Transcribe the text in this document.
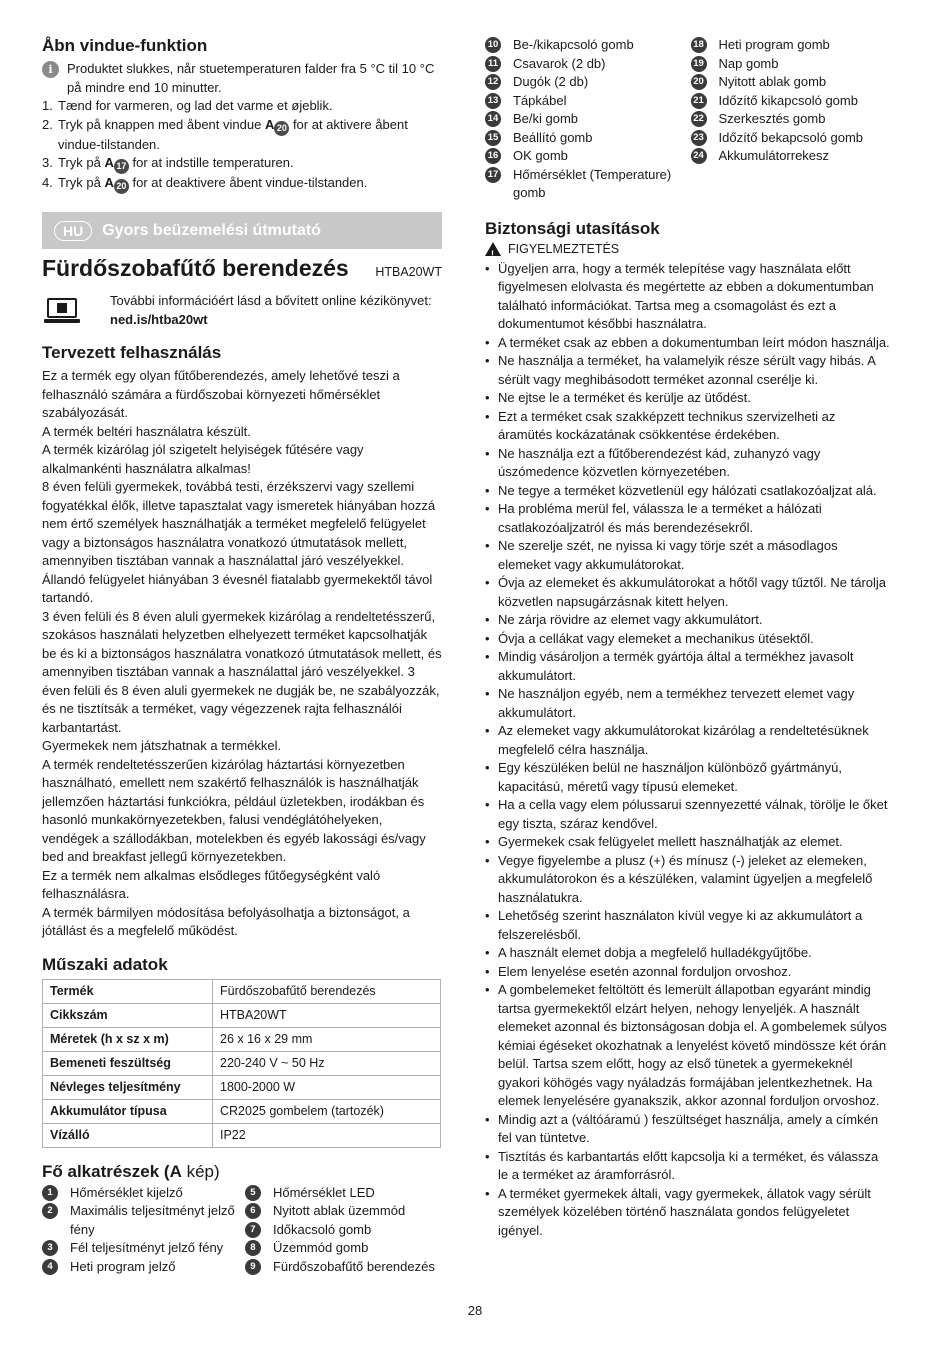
Åbn vindue-funktion
i	Produktet slukkes, når stuetemperaturen falder fra 5 °C til 10 °C på mindre end 10 minutter.

1. Tænd for varmeren, og lad det varme et øjeblik.
2. Tryk på knappen med åbent vindue A 20 for at aktivere åbent vindue-tilstanden.
3. Tryk på A 17 for at indstille temperaturen.
4. Tryk på A 20 for at deaktivere åbent vindue-tilstanden.
HU	Gyors beüzemelési útmutató
Fürdőszobafűtő berendezés HTBA20WT
További információért lásd a bővített online kézikönyvet:
ned.is/htba20wt
Tervezett felhasználás

Ez a termék egy olyan fűtőberendezés, amely lehetővé teszi a felhasználó számára a fürdőszobai környezeti hőmérséklet szabályozását.

A termék beltéri használatra készült.

A termék kizárólag jól szigetelt helyiségek fűtésére vagy alkalmankénti használatra alkalmas!

8 éven felüli gyermekek, továbbá testi, érzékszervi vagy szellemi fogyatékkal élők, illetve tapasztalat vagy ismeretek hiányában hozzá nem értő személyek használhatják a terméket megfelelő felügyelet vagy a biztonságos használatra vonatkozó útmutatások mellett, amennyiben tisztában vannak a használattal járó veszélyekkel.

Állandó felügyelet hiányában 3 évesnél fiatalabb gyermekektől távol tartandó.

3 éven felüli és 8 éven aluli gyermekek kizárólag a rendeltetésszerű, szokásos használati helyzetben elhelyezett terméket kapcsolhatják be és ki a biztonságos használatra vonatkozó útmutatások mellett, és amennyiben tisztában vannak a használattal járó veszélyekkel. 3 éven felüli és 8 éven aluli gyermekek ne dugják be, ne szabályozzák, és ne tisztítsák a terméket, vagy végezzenek rajta felhasználói karbantartást.

Gyermekek nem játszhatnak a termékkel.

A termék rendeltetésszerűen kizárólag háztartási környezetben használható, emellett nem szakértő felhasználók is használhatják jellemzően háztartási funkciókra, például üzletekben, irodákban és hasonló munkakörnyezetekben, falusi vendéglátóhelyeken, vendégek a szállodákban, motelekben és egyéb lakossági és/vagy bed and breakfast jellegű környezetekben.

Ez a termék nem alkalmas elsődleges fűtőegységként való felhasználásra.

A termék bármilyen módosítása befolyásolhatja a biztonságot, a jótállást és a megfelelő működést.

Műszaki adatok
Termék	Fürdőszobafűtő berendezés
Cikkszám	HTBA20WT
Méretek (h x sz x m)	26 x 16 x 29 mm
Bemeneti feszültség	220-240 V ~ 50 Hz
Névleges teljesítmény	1800-2000 W
Akkumulátor típusa	CR2025 gombelem (tartozék)
Vízálló	IP22
Fő alkatrészek (A kép)
1	Hőmérséklet kijelző
2	Maximális teljesítményt jelző fény
3	Fél teljesítményt jelző fény
4	Heti program jelző
5	Hőmérséklet LED
6	Nyitott ablak üzemmód
7	Időkacsoló gomb
8	Üzemmód gomb
9	Fürdőszobafűtő berendezés
10 Be-/kikapcsoló gomb
11 Csavarok (2 db)
12 Dugók (2 db)
13 Tápkábel
14 Be/ki gomb
15 Beállító gomb
16 OK gomb
17 Hőmérséklet (Temperature) gomb
18 Heti program gomb
19 Nap gomb
20 Nyitott ablak gomb
21 Időzítő kikapcsoló gomb
22 Szerkesztés gomb
23 Időzítő bekapcsoló gomb
24 Akkumulátorrekesz
Biztonsági utasítások
! FIGYELMEZTETÉS
• Ügyeljen arra, hogy a termék telepítése vagy használata előtt figyelmesen elolvasta és megértette az ebben a dokumentumban található információkat. Tartsa meg a csomagolást és ezt a dokumentumot későbbi használatra.
• A terméket csak az ebben a dokumentumban leírt módon használja.
• Ne használja a terméket, ha valamelyik része sérült vagy hibás. A sérült vagy meghibásodott terméket azonnal cserélje ki.
• Ne ejtse le a terméket és kerülje az ütődést.
• Ezt a terméket csak szakképzett technikus szervizelheti az áramütés kockázatának csökkentése érdekében.
• Ne használja ezt a fűtőberendezést kád, zuhanyzó vagy úszómedence közvetlen környezetében.
• Ne tegye a terméket közvetlenül egy hálózati csatlakozóaljzat alá.
• Ha probléma merül fel, válassza le a terméket a hálózati csatlakozóaljzatról és más berendezésekről.
• Ne szerelje szét, ne nyissa ki vagy törje szét a másodlagos elemeket vagy akkumulátorokat.
• Óvja az elemeket és akkumulátorokat a hőtől vagy tűztől. Ne tárolja közvetlen napsugárzásnak kitett helyen.
• Ne zárja rövidre az elemet vagy akkumulátort.
• Óvja a cellákat vagy elemeket a mechanikus ütésektől.
• Mindig vásároljon a termék gyártója által a termékhez javasolt akkumulátort.
• Ne használjon egyéb, nem a termékhez tervezett elemet vagy akkumulátort.
• Az elemeket vagy akkumulátorokat kizárólag a rendeltetésüknek megfelelő célra használja.
• Egy készüléken belül ne használjon különböző gyártmányú, kapacitású, méretű vagy típusú elemeket.
• Ha a cella vagy elem pólussarui szennyezetté válnak, törölje le őket egy tiszta, száraz kendővel.
• Gyermekek csak felügyelet mellett használhatják az elemet.
• Vegye figyelembe a plusz (+) és mínusz (-) jeleket az elemeken, akkumulátorokon és a készüléken, valamint ügyeljen a megfelelő használatukra.
• Lehetőség szerint használaton kívül vegye ki az akkumulátort a felszerelésből.
• A használt elemet dobja a megfelelő hulladékgyűjtőbe.
• Elem lenyelése esetén azonnal forduljon orvoshoz.
• A gombelemeket feltöltött és lemerült állapotban egyaránt mindig tartsa gyermekektől elzárt helyen, nehogy lenyeljék. A használt elemeket azonnal és biztonságosan dobja el. A gombelemek súlyos kémiai égéseket okozhatnak a lenyelést követő mindössze két órán belül. Tartsa szem előtt, hogy az első tünetek a gyermekeknél gyakori köhögés vagy nyáladzás formájában jelentkezhetnek. Ha elemek lenyelésére gyanakszik, akkor azonnal forduljon orvoshoz.
• Mindig azt a (váltóáramú ) feszültséget használja, amely a címkén fel van tüntetve.
• Tisztítás és karbantartás előtt kapcsolja ki a terméket, és válassza le a terméket az áramforrásról.
• A terméket gyermekek általi, vagy gyermekek, állatok vagy sérült személyek közelében történő használata gondos felügyeletet igényel.
28
